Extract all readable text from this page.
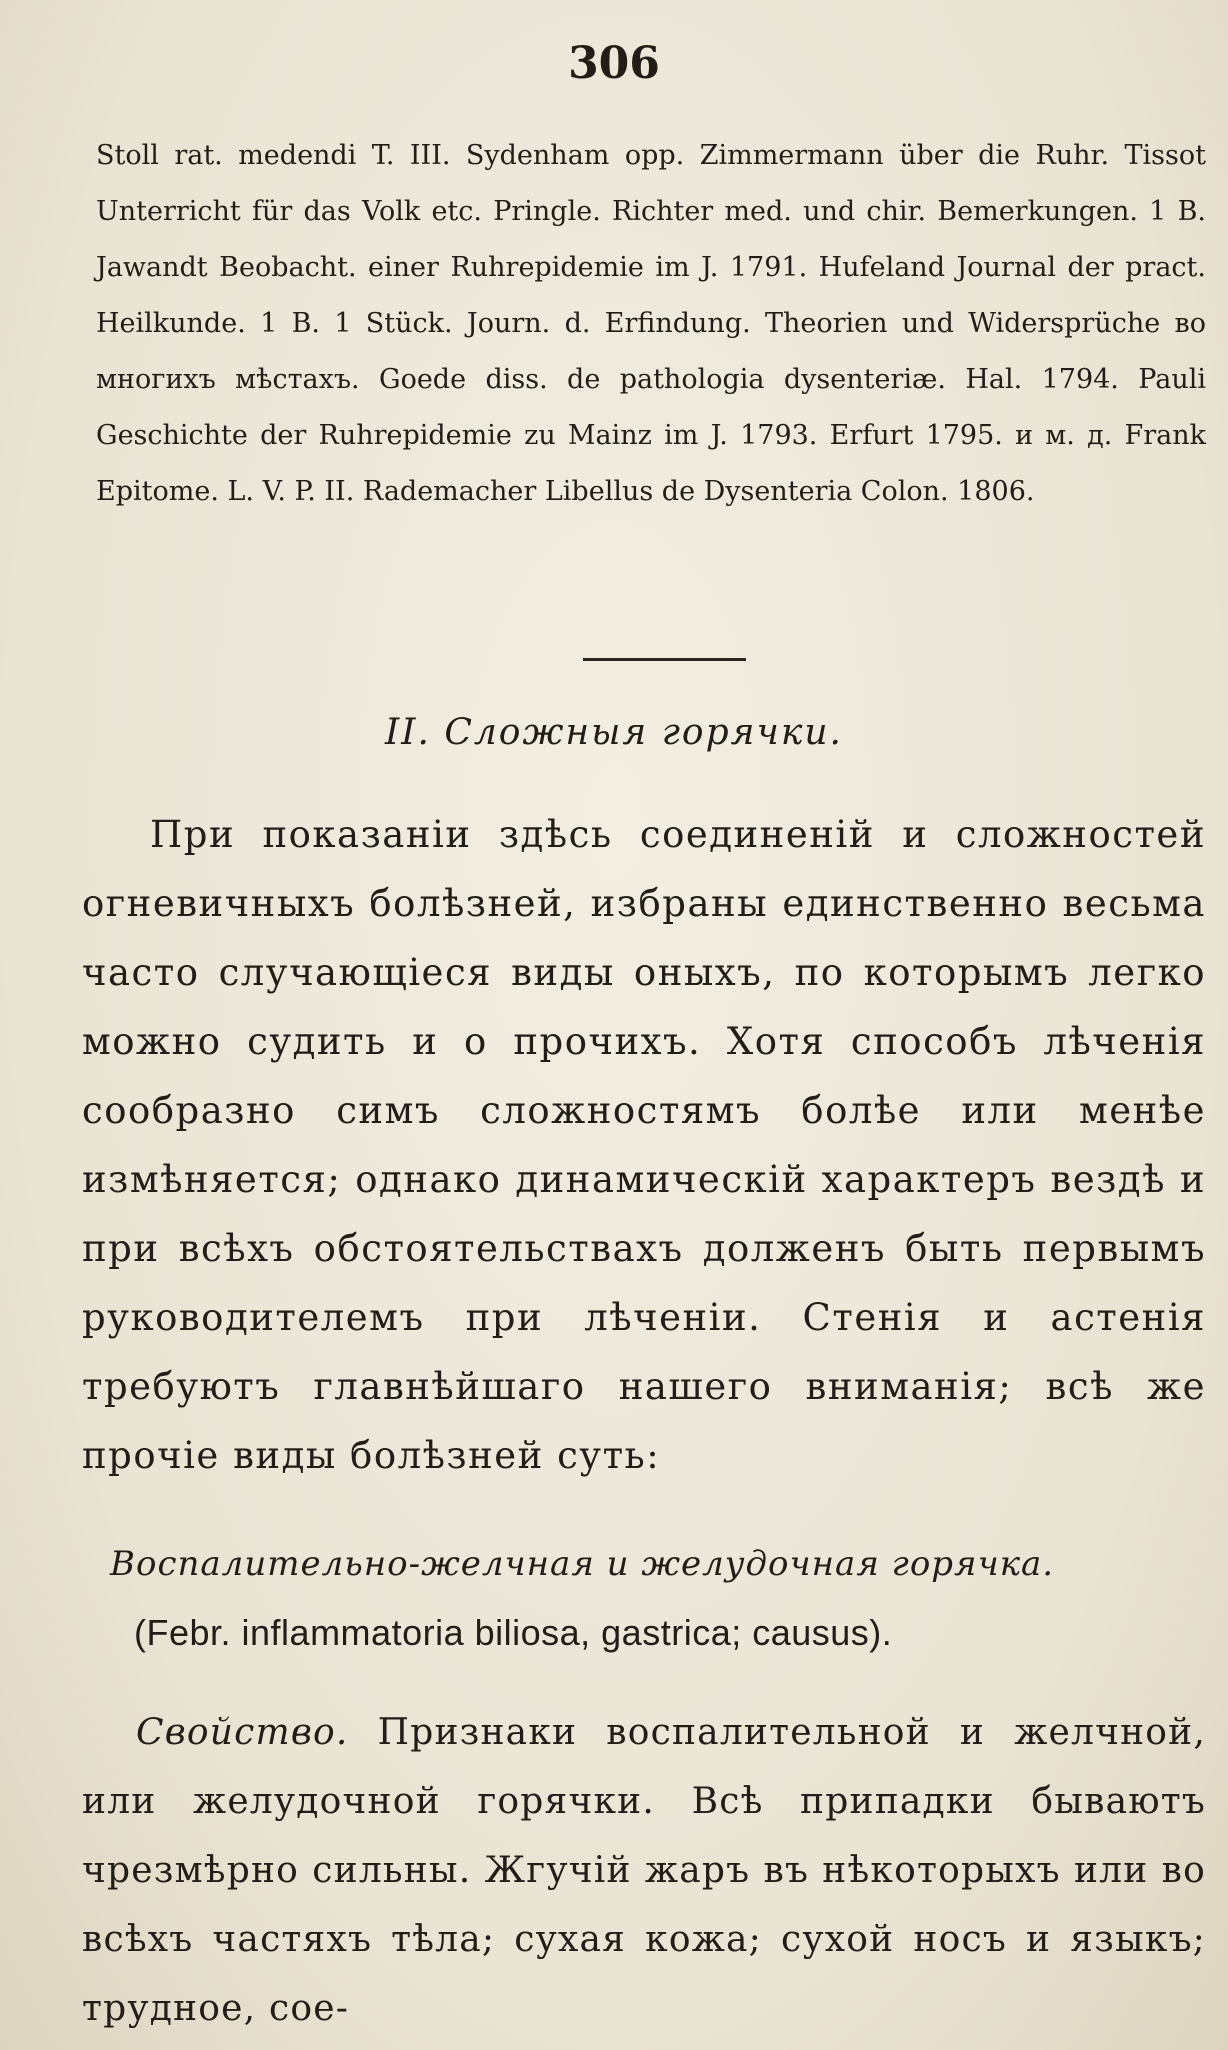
306

Stoll rat. medendi T. III. Sydenham opp. Zimmermann über die Ruhr. Tissot Unterricht für das Volk etc. Pringle. Richter med. und chir. Bemerkungen. 1 B. Jawandt Beobacht. einer Ruhrepidemie im J. 1791. Hufeland Journal der pract. Heilkunde. 1 B. 1 Stück. Journ. d. Erfindung. Theorien und Widersprüche во многихъ мѣстахъ. Goede diss. de pathologia dysenteriæ. Hal. 1794. Pauli Geschichte der Ruhrepidemie zu Mainz im J. 1793. Erfurt 1795. и м. д. Frank Epitome. L. V. P. II. Rademacher Libellus de Dysenteria Colon. 1806.

II. Сложныя горячки.

При показаніи здѣсь соединеній и сложностей огневичныхъ болѣзней, избраны единственно весьма часто случающіеся виды оныхъ, по которымъ легко можно судить и о прочихъ. Хотя способъ лѣченія сообразно симъ сложностямъ болѣе или менѣе измѣняется; однако динамическій характеръ вездѣ и при всѣхъ обстоятельствахъ долженъ быть первымъ руководителемъ при лѣченіи. Стенія и астенія требуютъ главнѣйшаго нашего вниманія; всѣ же прочіе виды болѣзней суть:

Воспалительно-желчная и желудочная горячка.
(Febr. inflammatoria biliosa, gastrica; causus).

Свойство. Признаки воспалительной и желчной, или желудочной горячки. Всѣ припадки бываютъ чрезмѣрно сильны. Жгучій жаръ въ нѣкоторыхъ или во всѣхъ частяхъ тѣла; сухая кожа; сухой носъ и языкъ; трудное, сое-
